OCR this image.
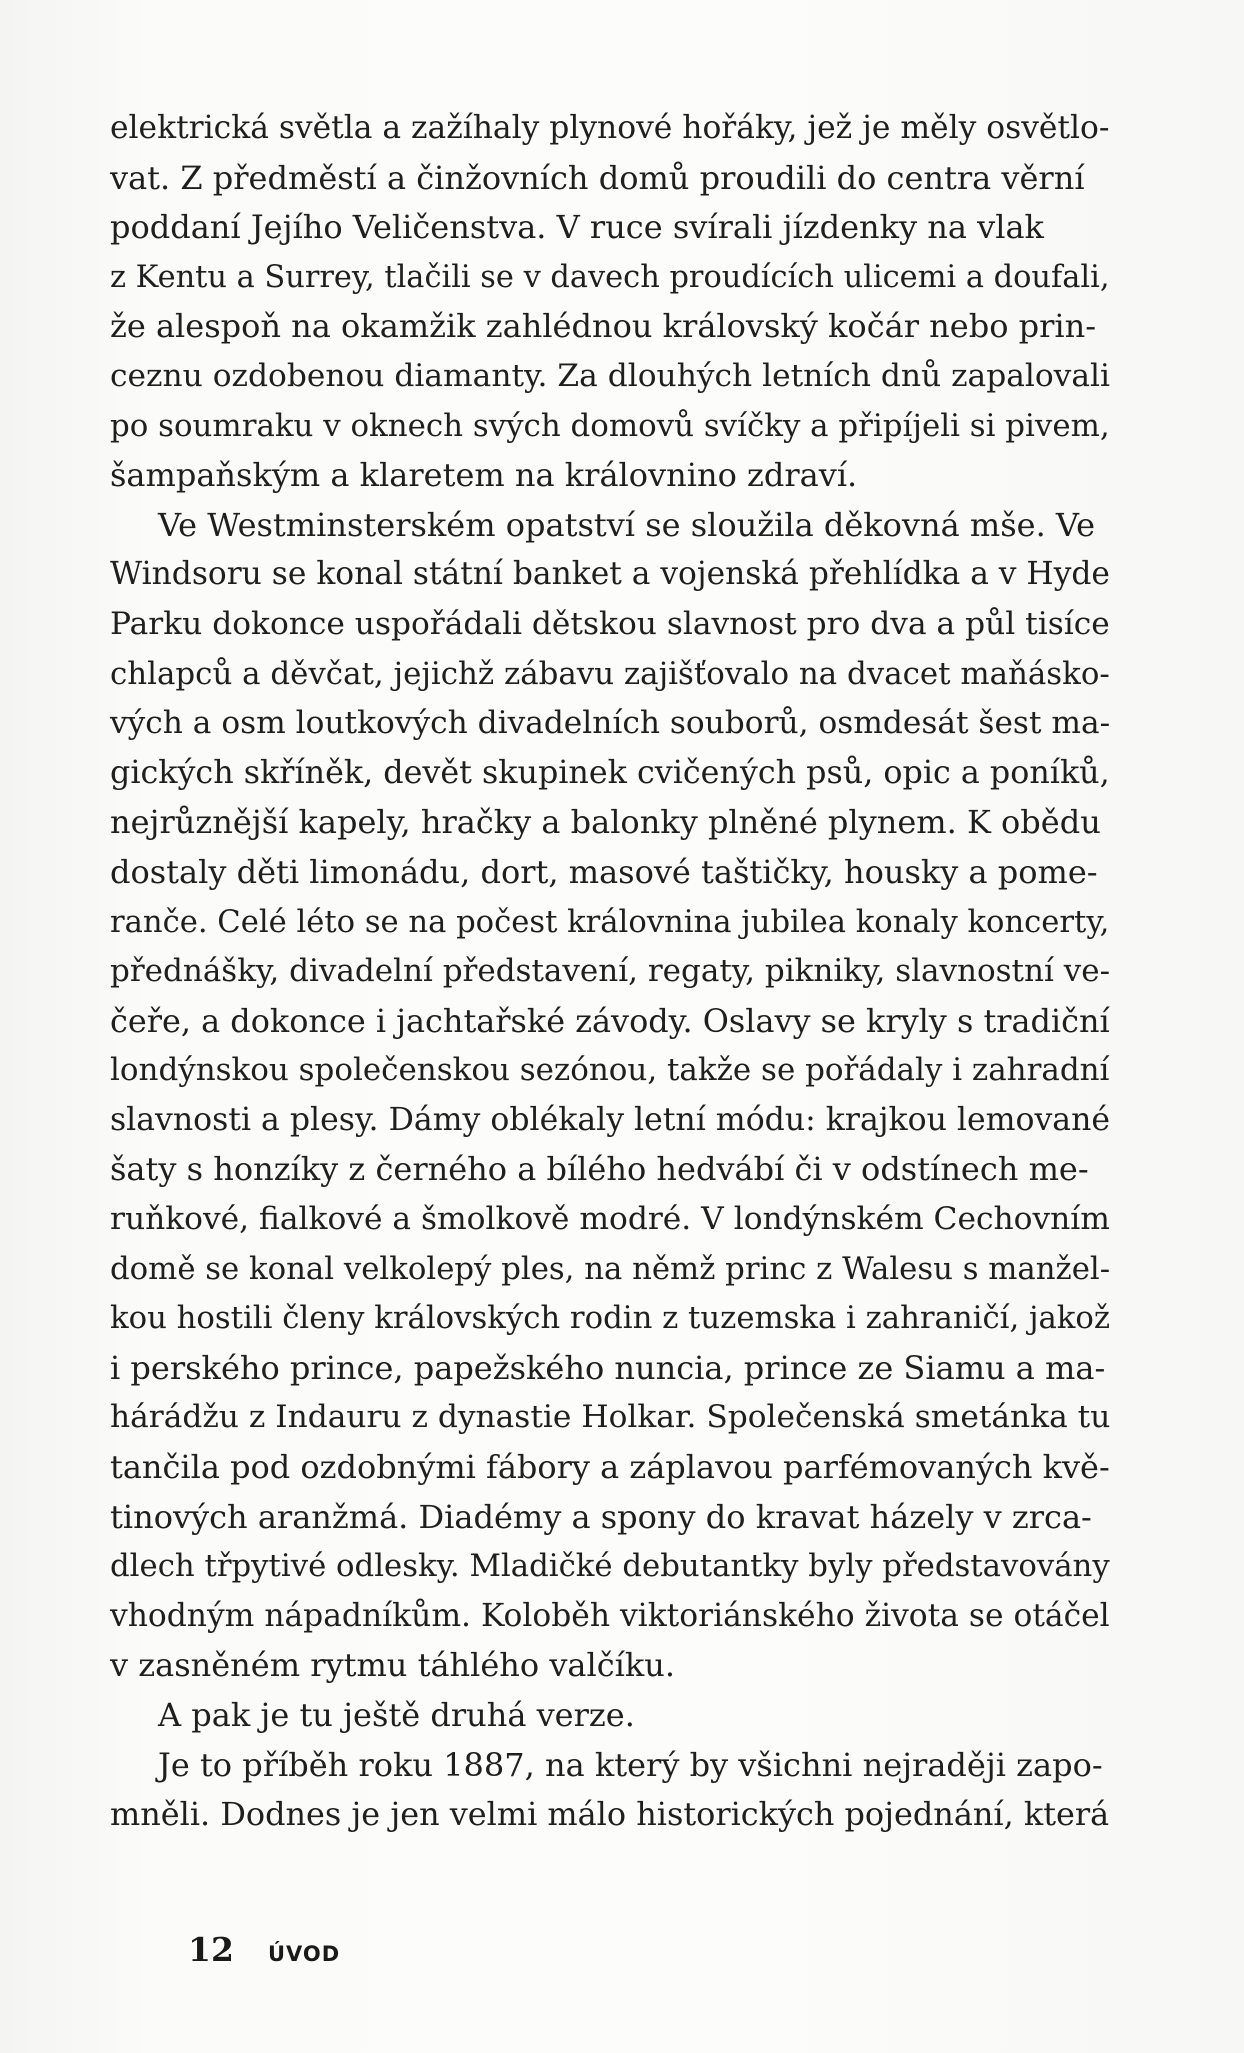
elektrická světla a zažíhaly plynové hořáky, jež je měly osvětlo-
vat. Z předměstí a činžovních domů proudili do centra věrní
poddaní Jejího Veličenstva. V ruce svírali jízdenky na vlak
z Kentu a Surrey, tlačili se v davech proudících ulicemi a doufali,
že alespoň na okamžik zahlédnou královský kočár nebo prin-
ceznu ozdobenou diamanty. Za dlouhých letních dnů zapalovali
po soumraku v oknech svých domovů svíčky a připíjeli si pivem,
šampaňským a klaretem na královnino zdraví.
Ve Westminsterském opatství se sloužila děkovná mše. Ve
Windsoru se konal státní banket a vojenská přehlídka a v Hyde
Parku dokonce uspořádali dětskou slavnost pro dva a půl tisíce
chlapců a děvčat, jejichž zábavu zajišťovalo na dvacet maňásko-
vých a osm loutkových divadelních souborů, osmdesát šest ma-
gických skříněk, devět skupinek cvičených psů, opic a poníků,
nejrůznější kapely, hračky a balonky plněné plynem. K obědu
dostaly děti limonádu, dort, masové taštičky, housky a pome-
ranče. Celé léto se na počest královnina jubilea konaly koncerty,
přednášky, divadelní představení, regaty, pikniky, slavnostní ve-
čeře, a dokonce i jachtařské závody. Oslavy se kryly s tradiční
londýnskou společenskou sezónou, takže se pořádaly i zahradní
slavnosti a plesy. Dámy oblékaly letní módu: krajkou lemované
šaty s honzíky z černého a bílého hedvábí či v odstínech me-
ruňkové, fialkové a šmolkově modré. V londýnském Cechovním
domě se konal velkolepý ples, na němž princ z Walesu s manžel-
kou hostili členy královských rodin z tuzemska i zahraničí, jakož
i perského prince, papežského nuncia, prince ze Siamu a ma-
hárádžu z Indauru z dynastie Holkar. Společenská smetánka tu
tančila pod ozdobnými fábory a záplavou parfémovaných kvě-
tinových aranžmá. Diadémy a spony do kravat házely v zrca-
dlech třpytivé odlesky. Mladičké debutantky byly představovány
vhodným nápadníkům. Koloběh viktoriánského života se otáčel
v zasněném rytmu táhlého valčíku.
A pak je tu ještě druhá verze.
Je to příběh roku 1887, na který by všichni nejraději zapo-
mněli. Dodnes je jen velmi málo historických pojednání, která
12 ÚVOD
